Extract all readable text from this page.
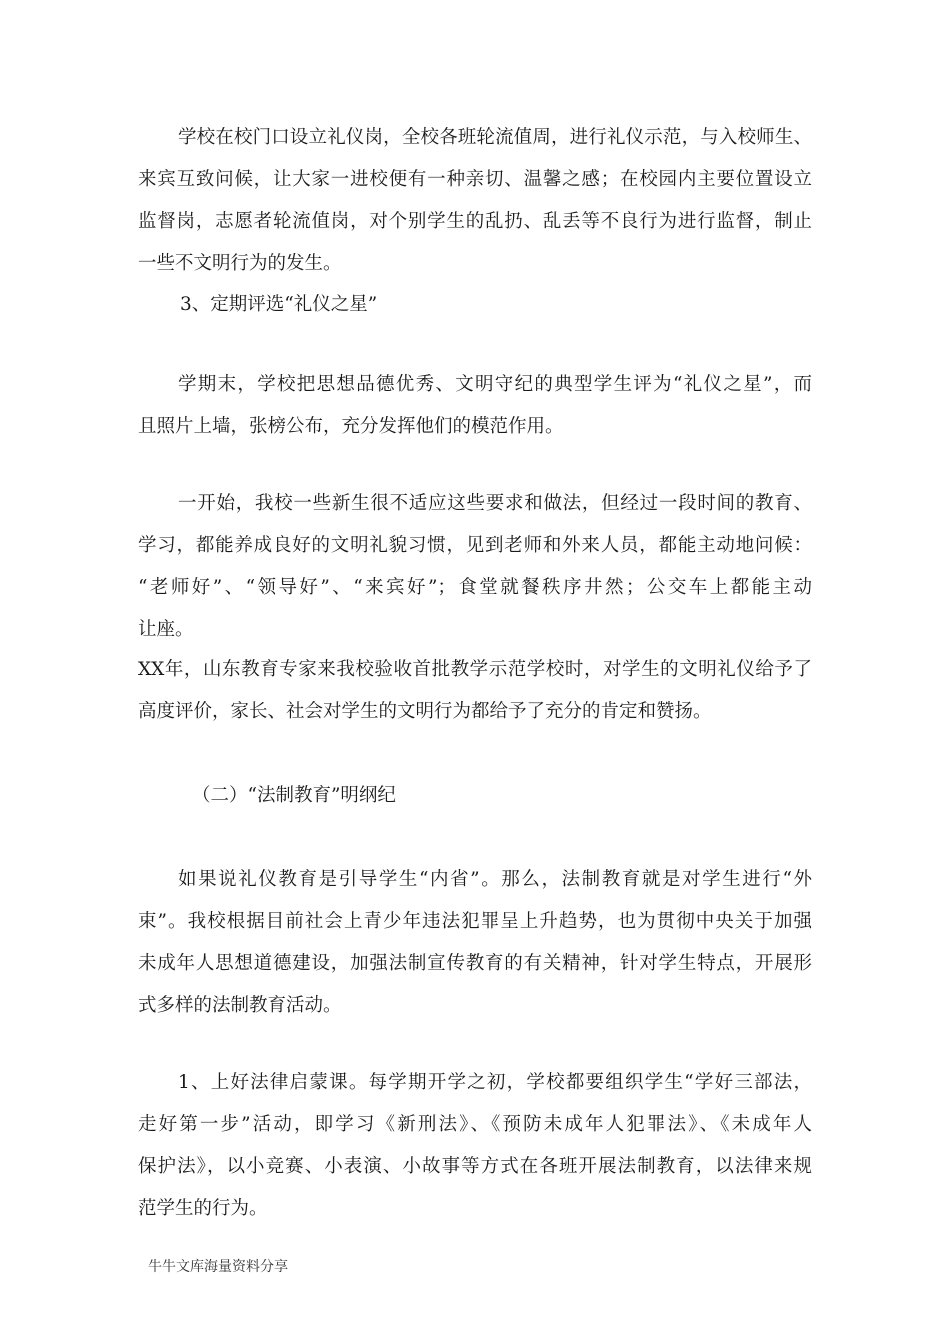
学校在校门口设立礼仪岗，全校各班轮流值周，进行礼仪示范，与入校师生、
来宾互致问候，让大家一进校便有一种亲切、温馨之感；在校园内主要位置设立
监督岗，志愿者轮流值岗，对个别学生的乱扔、乱丢等不良行为进行监督，制止
一些不文明行为的发生。
3、定期评选“礼仪之星”
学期末，学校把思想品德优秀、文明守纪的典型学生评为“礼仪之星”，而
且照片上墙，张榜公布，充分发挥他们的模范作用。
一开始，我校一些新生很不适应这些要求和做法，但经过一段时间的教育、
学习，都能养成良好的文明礼貌习惯，见到老师和外来人员，都能主动地问候：
“老师好”、“领导好”、“来宾好”；食堂就餐秩序井然；公交车上都能主动
让座。
XX年，山东教育专家来我校验收首批教学示范学校时，对学生的文明礼仪给予了
高度评价，家长、社会对学生的文明行为都给予了充分的肯定和赞扬。
（二）“法制教育”明纲纪
如果说礼仪教育是引导学生“内省”。那么，法制教育就是对学生进行“外
束”。我校根据目前社会上青少年违法犯罪呈上升趋势，也为贯彻中央关于加强
未成年人思想道德建设，加强法制宣传教育的有关精神，针对学生特点，开展形
式多样的法制教育活动。
1、上好法律启蒙课。每学期开学之初，学校都要组织学生“学好三部法，
走好第一步”活动，即学习《新刑法》、《预防未成年人犯罪法》、《未成年人
保护法》，以小竞赛、小表演、小故事等方式在各班开展法制教育，以法律来规
范学生的行为。
牛牛文库海量资料分享
